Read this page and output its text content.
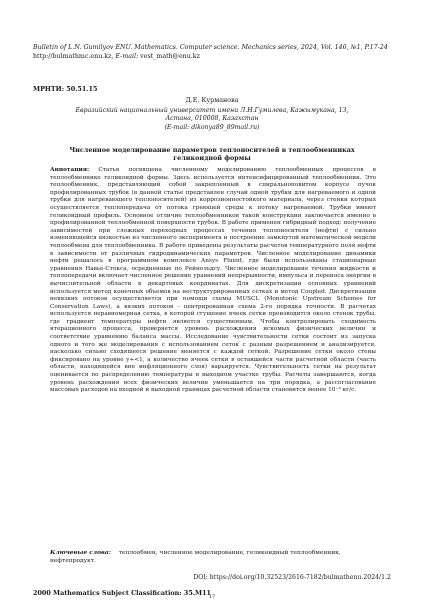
Bulletin of L.N. Gumilyov ENU. Mathematics. Computer science. Mechanics series, 2024, Vol. 146, №1, P.17-24
http://bulmathmc.enu.kz, E-mail: vest_math@enu.kz
МРНТИ: 50.51.15
Д.Е. Курманова
Евразийский национальный университет имени Л.Н.Гумилева, Кажымукана, 13,
Астана, 010008, Казахстан
(E-mail: dikonya89_89mail.ru)
Численное моделирование параметров теплоносителей в теплообменниках
геликоидной формы
Аннотация: Статья посвящена численному моделированию теплообменных процессов в теплообменнике геликоидной формы. Здесь используется интенсифицированный теплообменник. Это теплообменник, представляющий собой закрепленный в спиральноповитом корпусе пучок профилированных трубок (в данной статье представлен случай одной трубки для нагреваемого и одной трубки для нагревающего теплоносителей) из коррозионностойкого материала, через стенки которых осуществляется теплопередача от потока греющей среды к потоку нагреваемой. Трубки имеют геликоидный профиль. Основное отличие теплообменников такой конструкции заключается именно в профилированной теплообменной поверхности трубок. В работе применен гибридный подход: получение зависимостей при сложных переходных процессах течения теплоносителя (нефти) с сильно изменяющейся вязкостью из численного эксперимента и построение замкнутой математической модели теплообмена для теплообменника. В работе приведены результаты расчетов температурного поля нефти в зависимости от различных гидродинамических параметров. Численное моделирование динамики нефти решалось в программном комплексе Ansys Fluent, где были использованы стационарные уравнения Навье-Стокса, осредненные по Рейнольдсу. Численное моделирование течения жидкости и теплопередачи включает численное решение уравнений непрерывности, импульса и переноса энергии в вычислительной области в декартовых координатах. Для дискретизации основных уравнений используется метод конечных объемов на неструктурированных сетках и метод Coupled. Дискретизация невязких потоков осуществляется при помощи схемы MUSCL (Monotonic Upstream Schemes for Conservation Laws), а вязких потоков - центрированная схема 2-го порядка точности. В расчетах используется неравномерная сетка, в которой сгущение ячеек сетки производится около стенок трубы, где градиент температуры нефти является существенным. Чтобы контролировать сходимость итерационного процесса, проверяется уровень расхождения искомых физических величин и соответствие уравнению баланса массы. Исследование чувствительности сетки состоит из запуска одного и того же моделирования с использованием сеток с разным разрешением и анализируется, насколько сильно сходящееся решение меняется с каждой сеткой. Разрешение сетки около стены фиксировано на уровне y+<1, а количество ячеек сетки в оставшейся части расчетной области (часть области, находящейся вне инфляционного слоя) варьируется. Чувствительность сетки на результат оценивается по распределению температуры в выходном участке трубы. Расчеты завершаются, когда уровень расхождения всех физических величин уменьшается на три порядка, а рассогласование массовых расходов на входной и выходной границах расчетной области становится менее 10⁻³ кг/с.
Ключевые слова: теплообмен, численное моделирование, геликоидный теплообменник, нефтепродукт.
DOI: https://doi.org/10.32523/2616-7182/bulmathenu.2024/1.2
2000 Mathematics Subject Classification: 35.M11
17
